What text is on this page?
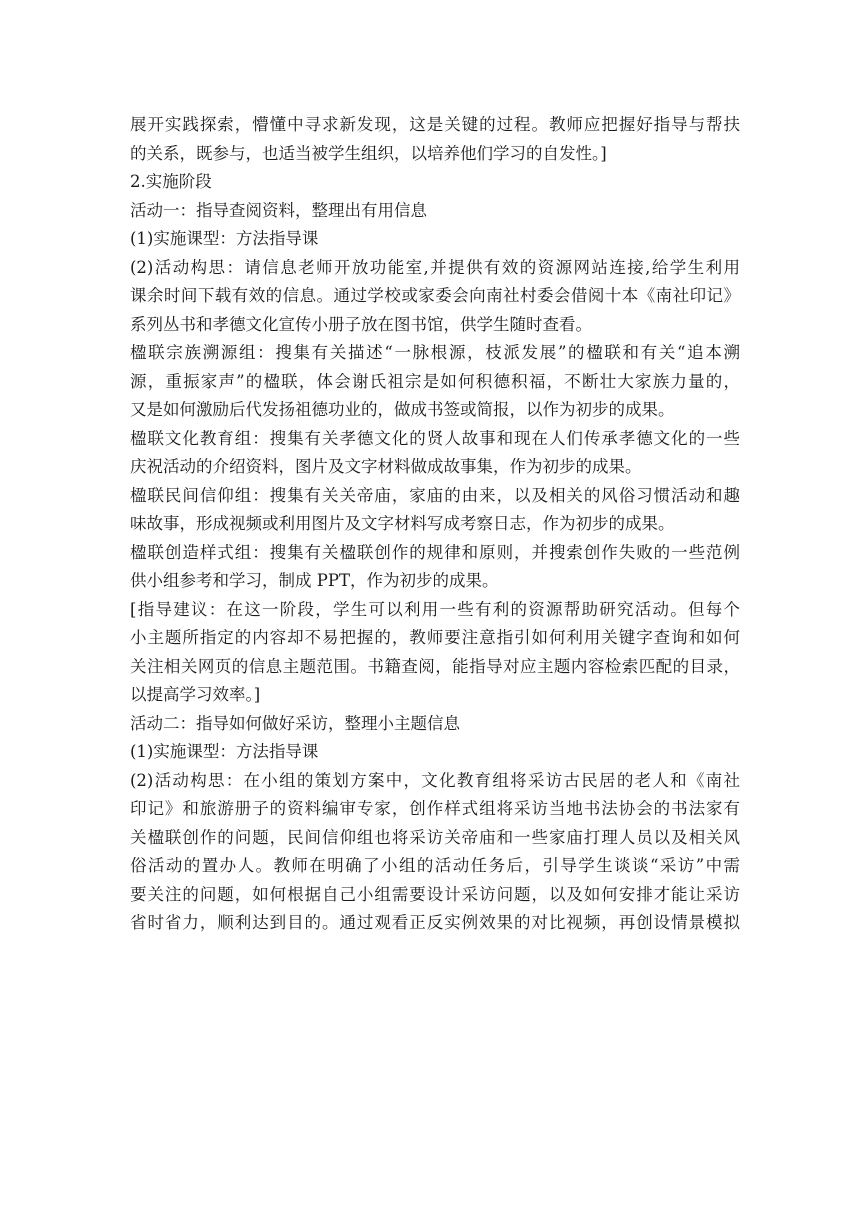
展开实践探索，懵懂中寻求新发现，这是关键的过程。教师应把握好指导与帮扶
的关系，既参与，也适当被学生组织，以培养他们学习的自发性。]
2.实施阶段
活动一：指导查阅资料，整理出有用信息
(1)实施课型：方法指导课
(2)活动构思：请信息老师开放功能室,并提供有效的资源网站连接,给学生利用
课余时间下载有效的信息。通过学校或家委会向南社村委会借阅十本《南社印记》
系列丛书和孝德文化宣传小册子放在图书馆，供学生随时查看。
楹联宗族溯源组：搜集有关描述“一脉根源，枝派发展”的楹联和有关“追本溯
源，重振家声”的楹联，体会谢氏祖宗是如何积德积福，不断壮大家族力量的，
又是如何激励后代发扬祖德功业的，做成书签或简报，以作为初步的成果。
楹联文化教育组：搜集有关孝德文化的贤人故事和现在人们传承孝德文化的一些
庆祝活动的介绍资料，图片及文字材料做成故事集，作为初步的成果。
楹联民间信仰组：搜集有关关帝庙，家庙的由来，以及相关的风俗习惯活动和趣
味故事，形成视频或利用图片及文字材料写成考察日志，作为初步的成果。
楹联创造样式组：搜集有关楹联创作的规律和原则，并搜索创作失败的一些范例
供小组参考和学习，制成 PPT，作为初步的成果。
[指导建议：在这一阶段，学生可以利用一些有利的资源帮助研究活动。但每个
小主题所指定的内容却不易把握的，教师要注意指引如何利用关键字查询和如何
关注相关网页的信息主题范围。书籍查阅，能指导对应主题内容检索匹配的目录，
以提高学习效率。]
活动二：指导如何做好采访，整理小主题信息
(1)实施课型：方法指导课
(2)活动构思：在小组的策划方案中，文化教育组将采访古民居的老人和《南社
印记》和旅游册子的资料编审专家，创作样式组将采访当地书法协会的书法家有
关楹联创作的问题，民间信仰组也将采访关帝庙和一些家庙打理人员以及相关风
俗活动的置办人。教师在明确了小组的活动任务后，引导学生谈谈“采访”中需
要关注的问题，如何根据自己小组需要设计采访问题，以及如何安排才能让采访
省时省力，顺利达到目的。通过观看正反实例效果的对比视频，再创设情景模拟
